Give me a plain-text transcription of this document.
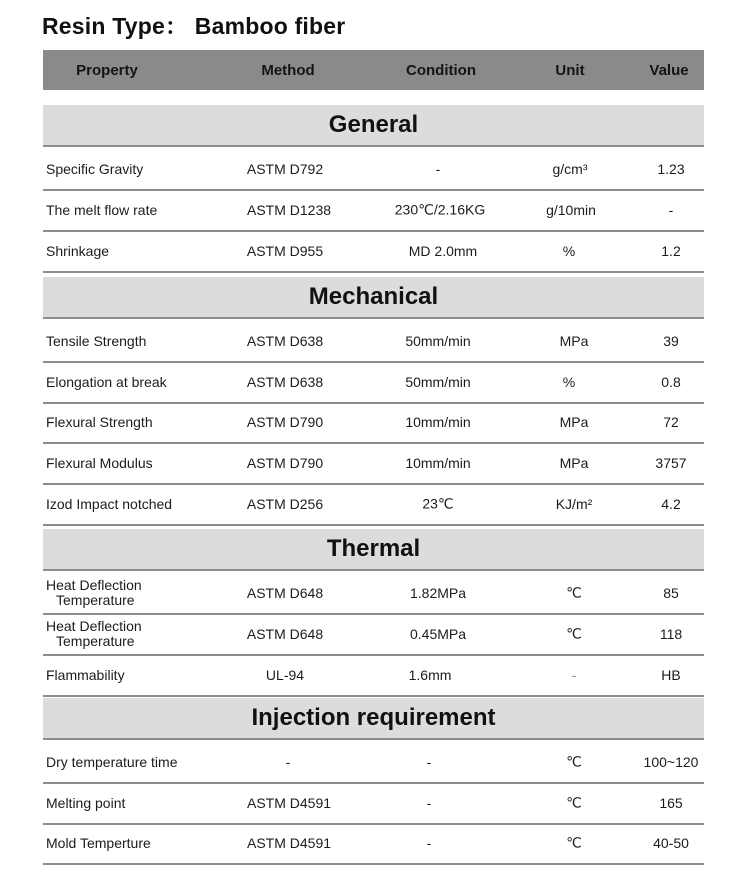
Resin Type： Bamboo fiber
Property	Method	Condition	Unit	Value
General
Specific Gravity	ASTM D792	-	g/cm³	1.23
The melt flow rate	ASTM D1238	230℃/2.16KG	g/10min	-
Shrinkage	ASTM D955	MD 2.0mm	%	1.2
Mechanical
Tensile Strength	ASTM D638	50mm/min	MPa	39
Elongation at break	ASTM D638	50mm/min	%	0.8
Flexural Strength	ASTM D790	10mm/min	MPa	72
Flexural Modulus	ASTM D790	10mm/min	MPa	3757
Izod Impact notched	ASTM D256	23℃	KJ/m²	4.2
Thermal
Heat Deflection
Temperature	ASTM D648	1.82MPa	℃	85
Heat Deflection
Temperature	ASTM D648	0.45MPa	℃	118
Flammability	UL-94	1.6mm	-	HB
Injection requirement
Dry temperature time	-	-	℃	100~120
Melting point	ASTM D4591	-	℃	165
Mold Temperture	ASTM D4591	-	℃	40-50
